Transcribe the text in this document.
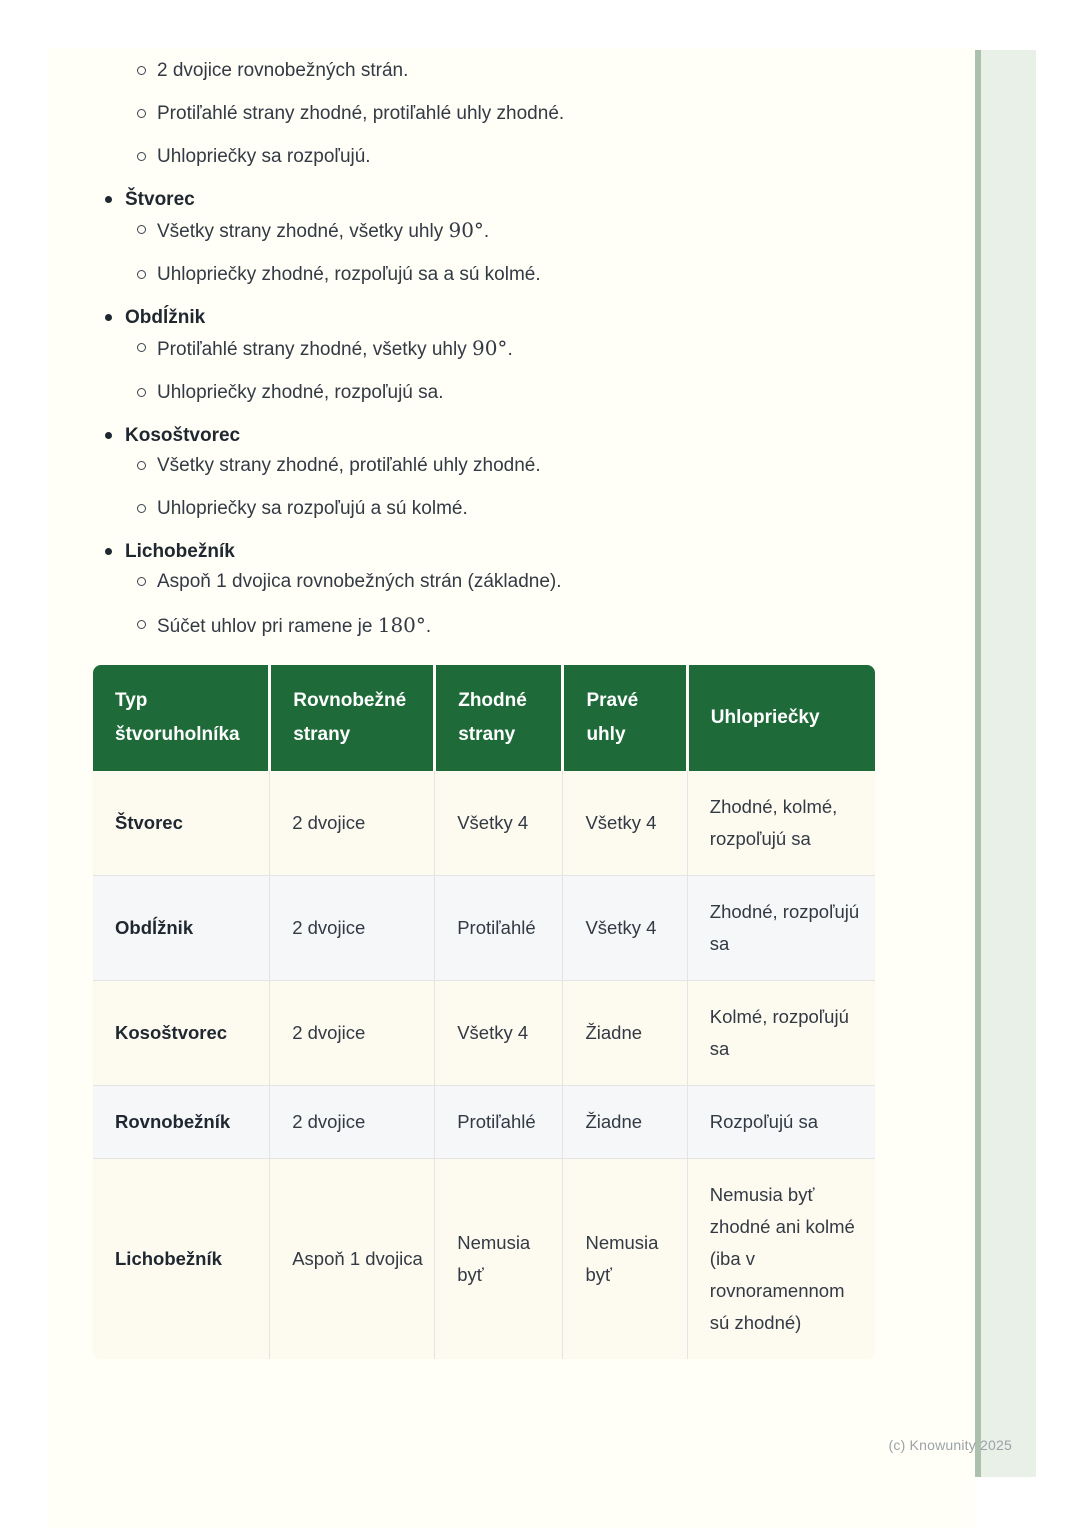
2 dvojice rovnobežných strán.
Protiľahlé strany zhodné, protiľahlé uhly zhodné.
Uhlopriečky sa rozpoľujú.
Štvorec
Všetky strany zhodné, všetky uhly 90°.
Uhlopriečky zhodné, rozpoľujú sa a sú kolmé.
Obdĺžnik
Protiľahlé strany zhodné, všetky uhly 90°.
Uhlopriečky zhodné, rozpoľujú sa.
Kosoštvorec
Všetky strany zhodné, protiľahlé uhly zhodné.
Uhlopriečky sa rozpoľujú a sú kolmé.
Lichobežník
Aspoň 1 dvojica rovnobežných strán (základne).
Súčet uhlov pri ramene je 180°.
Typ štvoruholníka	Rovnobežné strany	Zhodné strany	Pravé uhly	Uhlopriečky
Štvorec	2 dvojice	Všetky 4	Všetky 4	Zhodné, kolmé, rozpoľujú sa
Obdĺžnik	2 dvojice	Protiľahlé	Všetky 4	Zhodné, rozpoľujú sa
Kosoštvorec	2 dvojice	Všetky 4	Žiadne	Kolmé, rozpoľujú sa
Rovnobežník	2 dvojice	Protiľahlé	Žiadne	Rozpoľujú sa
Lichobežník	Aspoň 1 dvojica	Nemusia byť	Nemusia byť	Nemusia byť zhodné ani kolmé (iba v rovnoramennom sú zhodné)
(c) Knowunity 2025
